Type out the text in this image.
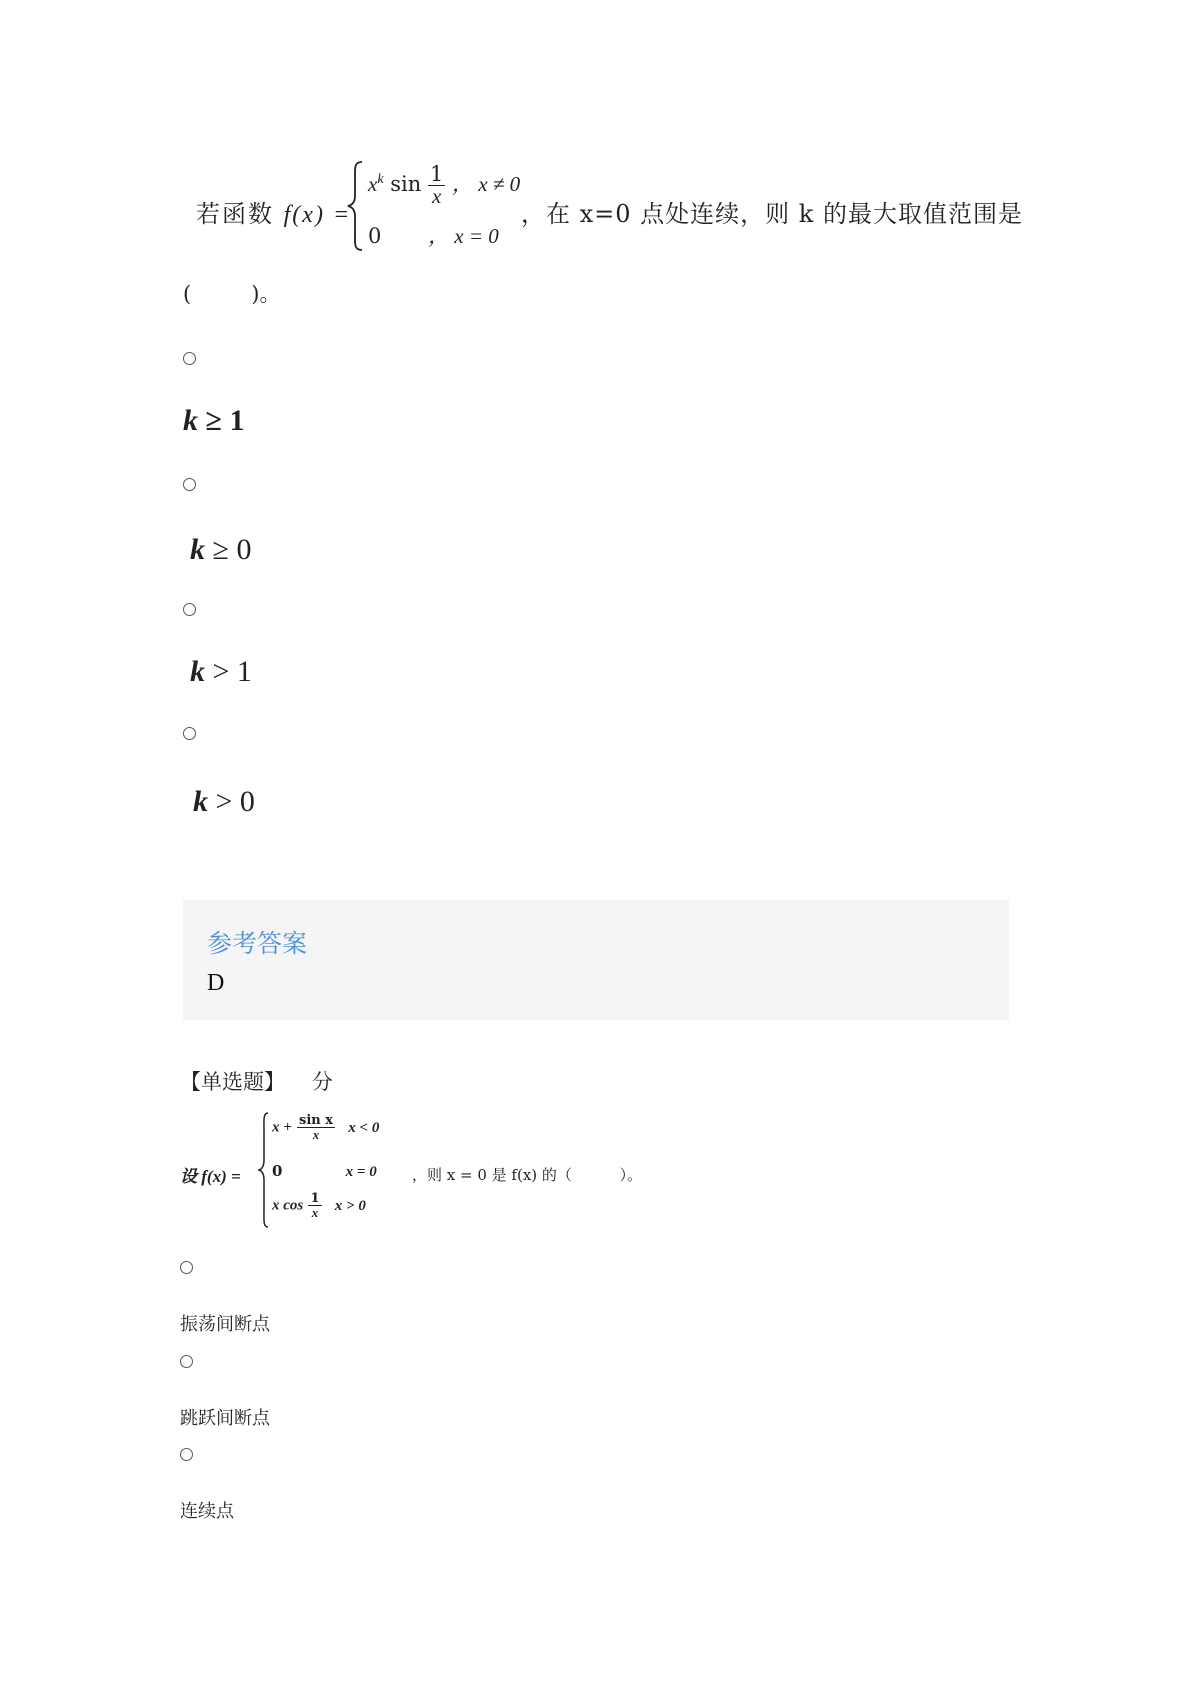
若函数 f(x) =
$x^k$ $\sin \frac{1}{x}$ ， x ≠ 0
0 ， x = 0
，在 x=0 点处连续，则 k 的最大取值范围是
(         )。
k ≥ 1
k ≥ 0
k > 1
k > 0
参考答案
D
【单选题】    分
设 f(x) =
$x + \frac{\text{sin x}}{x}$ x < 0
0	x = 0
x $\cos \frac{1}{x}$ x > 0
，则 x = 0 是 f(x) 的（          ）。
振荡间断点
跳跃间断点
连续点
